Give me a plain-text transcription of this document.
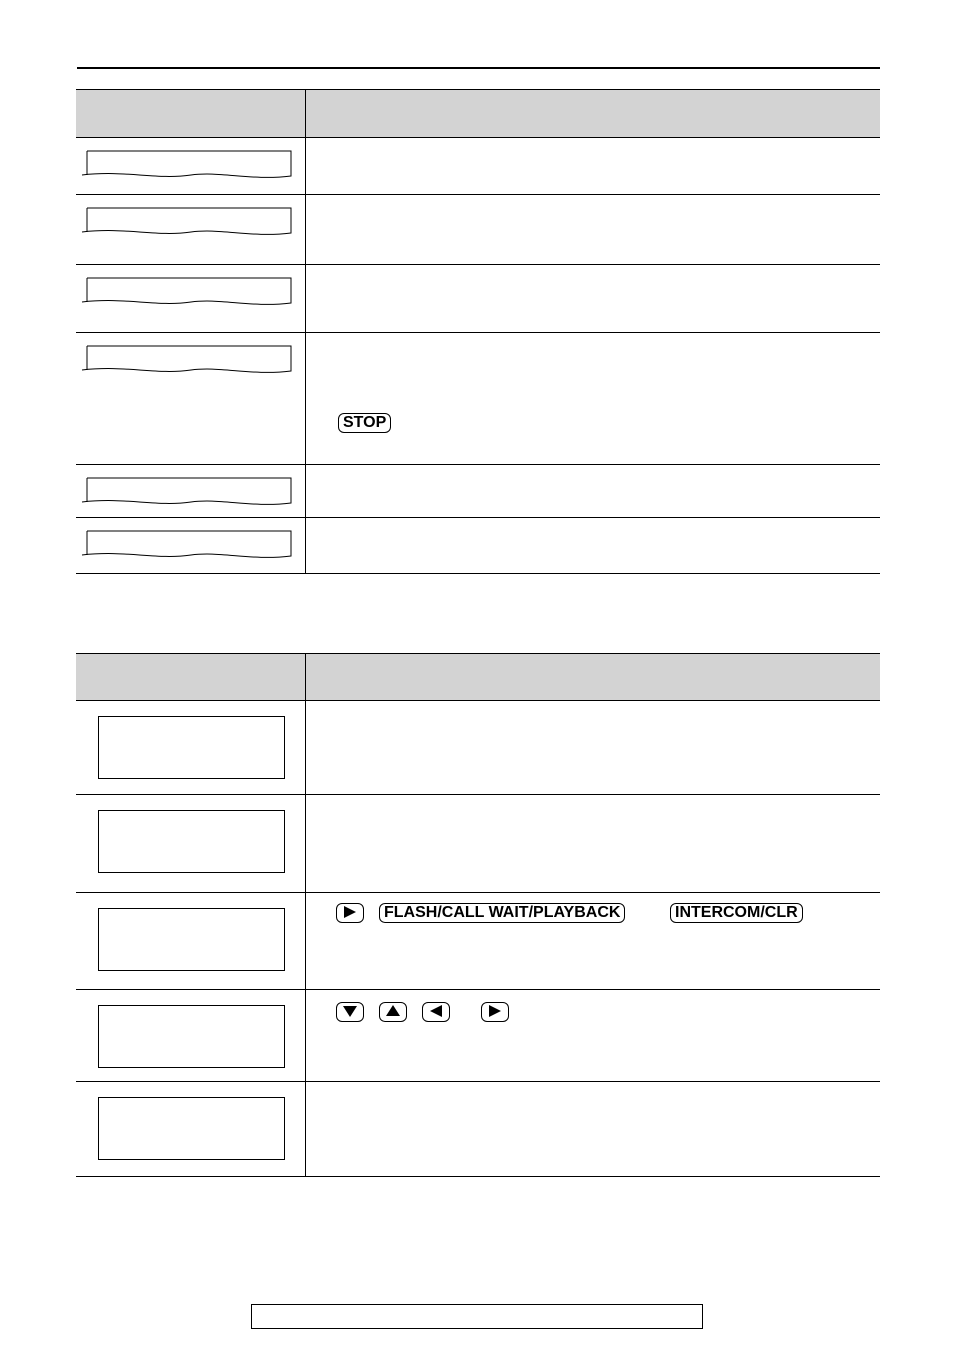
STOP

	FLASH/CALL WAIT/PLAYBACK INTERCOM/CLR
